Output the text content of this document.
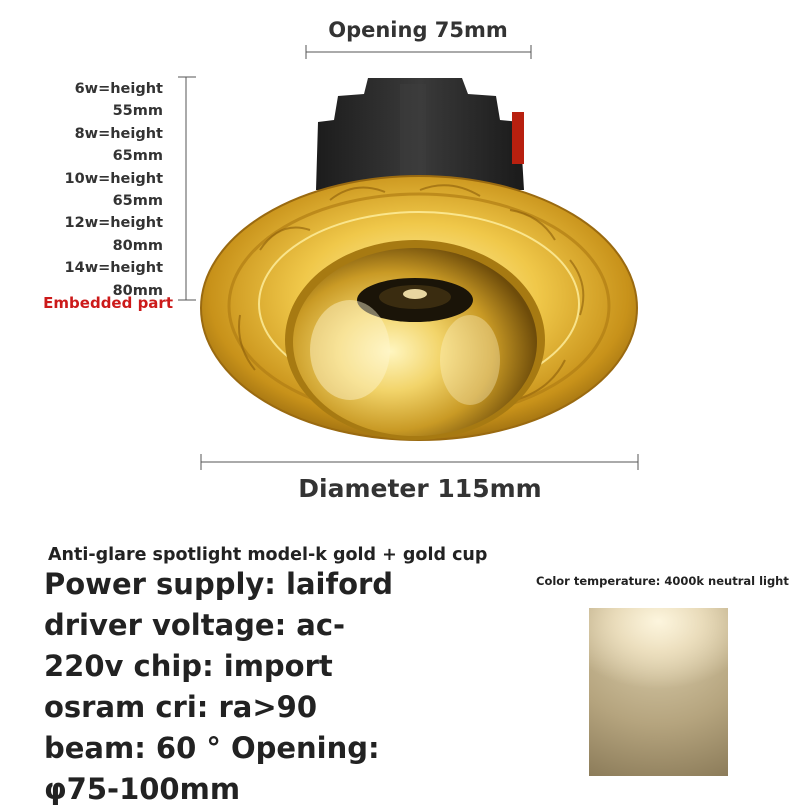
Opening 75mm
6w=height
55mm
8w=height
65mm
10w=height
65mm
12w=height
80mm
14w=height
80mm
Embedded part
Diameter 115mm
Anti-glare spotlight model-k gold + gold cup
Power supply: laiford driver voltage: ac-220v chip: import osram cri: ra>90 beam: 60 ° Opening: φ75-100mm
Color temperature: 4000k neutral light
